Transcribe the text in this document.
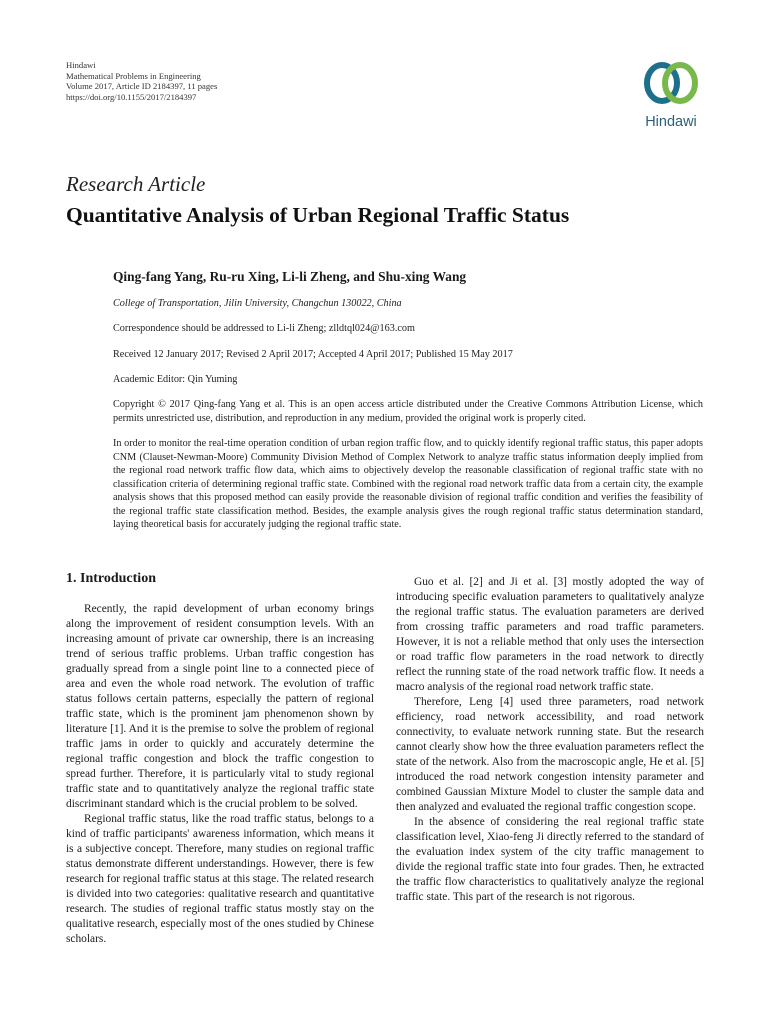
Hindawi
Mathematical Problems in Engineering
Volume 2017, Article ID 2184397, 11 pages
https://doi.org/10.1155/2017/2184397
Hindawi
Research Article
Quantitative Analysis of Urban Regional Traffic Status
Qing-fang Yang, Ru-ru Xing, Li-li Zheng, and Shu-xing Wang
College of Transportation, Jilin University, Changchun 130022, China
Correspondence should be addressed to Li-li Zheng; zlldtql024@163.com
Received 12 January 2017; Revised 2 April 2017; Accepted 4 April 2017; Published 15 May 2017
Academic Editor: Qin Yuming
Copyright © 2017 Qing-fang Yang et al. This is an open access article distributed under the Creative Commons Attribution License, which permits unrestricted use, distribution, and reproduction in any medium, provided the original work is properly cited.
In order to monitor the real-time operation condition of urban region traffic flow, and to quickly identify regional traffic status, this paper adopts CNM (Clauset-Newman-Moore) Community Division Method of Complex Network to analyze traffic status information deeply implied from the regional road network traffic flow data, which aims to objectively develop the reasonable classification of regional traffic state with no classification criteria of determining regional traffic state. Combined with the regional road network traffic data from a certain city, the example analysis shows that this proposed method can easily provide the reasonable division of regional traffic condition and verifies the feasibility of the regional traffic state classification method. Besides, the example analysis gives the rough regional traffic status determination standard, laying theoretical basis for accurately judging the regional traffic state.
1. Introduction

Recently, the rapid development of urban economy brings along the improvement of resident consumption levels. With an increasing amount of private car ownership, there is an increasing trend of serious traffic problems. Urban traffic congestion has gradually spread from a single point line to a connected piece of area and even the whole road network. The evolution of traffic status follows certain patterns, especially the pattern of regional traffic state, which is the prominent jam phenomenon shown by literature [1]. And it is the premise to solve the problem of regional traffic jams in order to quickly and accurately determine the regional traffic congestion and block the traffic congestion to spread further. Therefore, it is particularly vital to study regional traffic state and to quantitatively analyze the regional traffic state discriminant standard which is the crucial problem to be solved.

Regional traffic status, like the road traffic status, belongs to a kind of traffic participants' awareness information, which means it is a subjective concept. Therefore, many studies on regional traffic status demonstrate different understandings. However, there is few research for regional traffic status at this stage. The related research is divided into two categories: qualitative research and quantitative research. The studies of regional traffic status mostly stay on the qualitative research, especially most of the ones studied by Chinese scholars.

Guo et al. [2] and Ji et al. [3] mostly adopted the way of introducing specific evaluation parameters to qualitatively analyze the regional traffic status. The evaluation parameters are derived from crossing traffic parameters and road traffic parameters. However, it is not a reliable method that only uses the intersection or road traffic flow parameters in the road network to directly reflect the running state of the road network traffic flow. It needs a macro analysis of the regional road network traffic state.

Therefore, Leng [4] used three parameters, road network efficiency, road network accessibility, and road network connectivity, to evaluate network running state. But the research cannot clearly show how the three evaluation parameters reflect the state of the network. Also from the macroscopic angle, He et al. [5] introduced the road network congestion intensity parameter and combined Gaussian Mixture Model to cluster the sample data and then analyzed and evaluated the regional traffic congestion scope.

In the absence of considering the real regional traffic state classification level, Xiao-feng Ji directly referred to the standard of the evaluation index system of the city traffic management to divide the regional traffic state into four grades. Then, he extracted the traffic flow characteristics to qualitatively analyze the regional traffic state. This part of the research is not rigorous.
